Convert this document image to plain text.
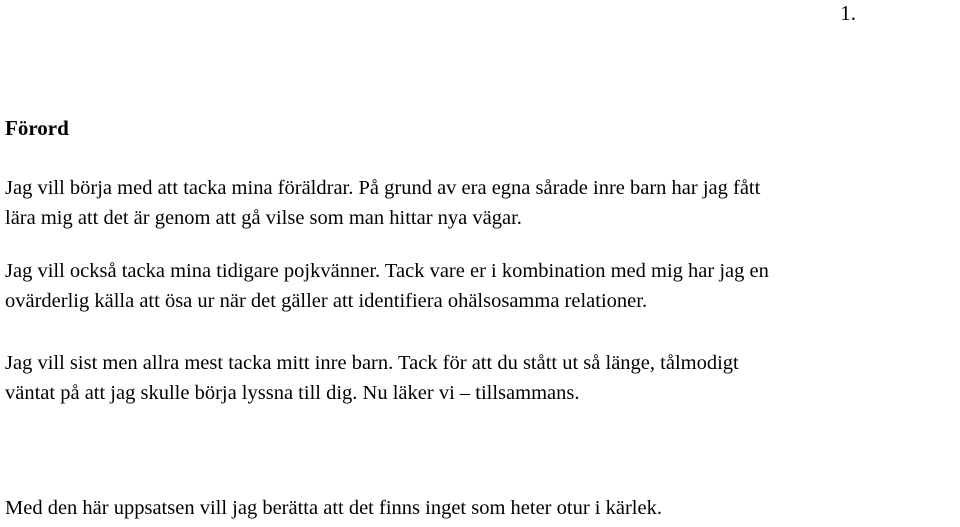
1.
Förord

Jag vill börja med att tacka mina föräldrar. På grund av era egna sårade inre barn har jag fått
lära mig att det är genom att gå vilse som man hittar nya vägar.

Jag vill också tacka mina tidigare pojkvänner. Tack vare er i kombination med mig har jag en
ovärderlig källa att ösa ur när det gäller att identifiera ohälsosamma relationer.

Jag vill sist men allra mest tacka mitt inre barn. Tack för att du stått ut så länge, tålmodigt
väntat på att jag skulle börja lyssna till dig. Nu läker vi – tillsammans.

Med den här uppsatsen vill jag berätta att det finns inget som heter otur i kärlek.
